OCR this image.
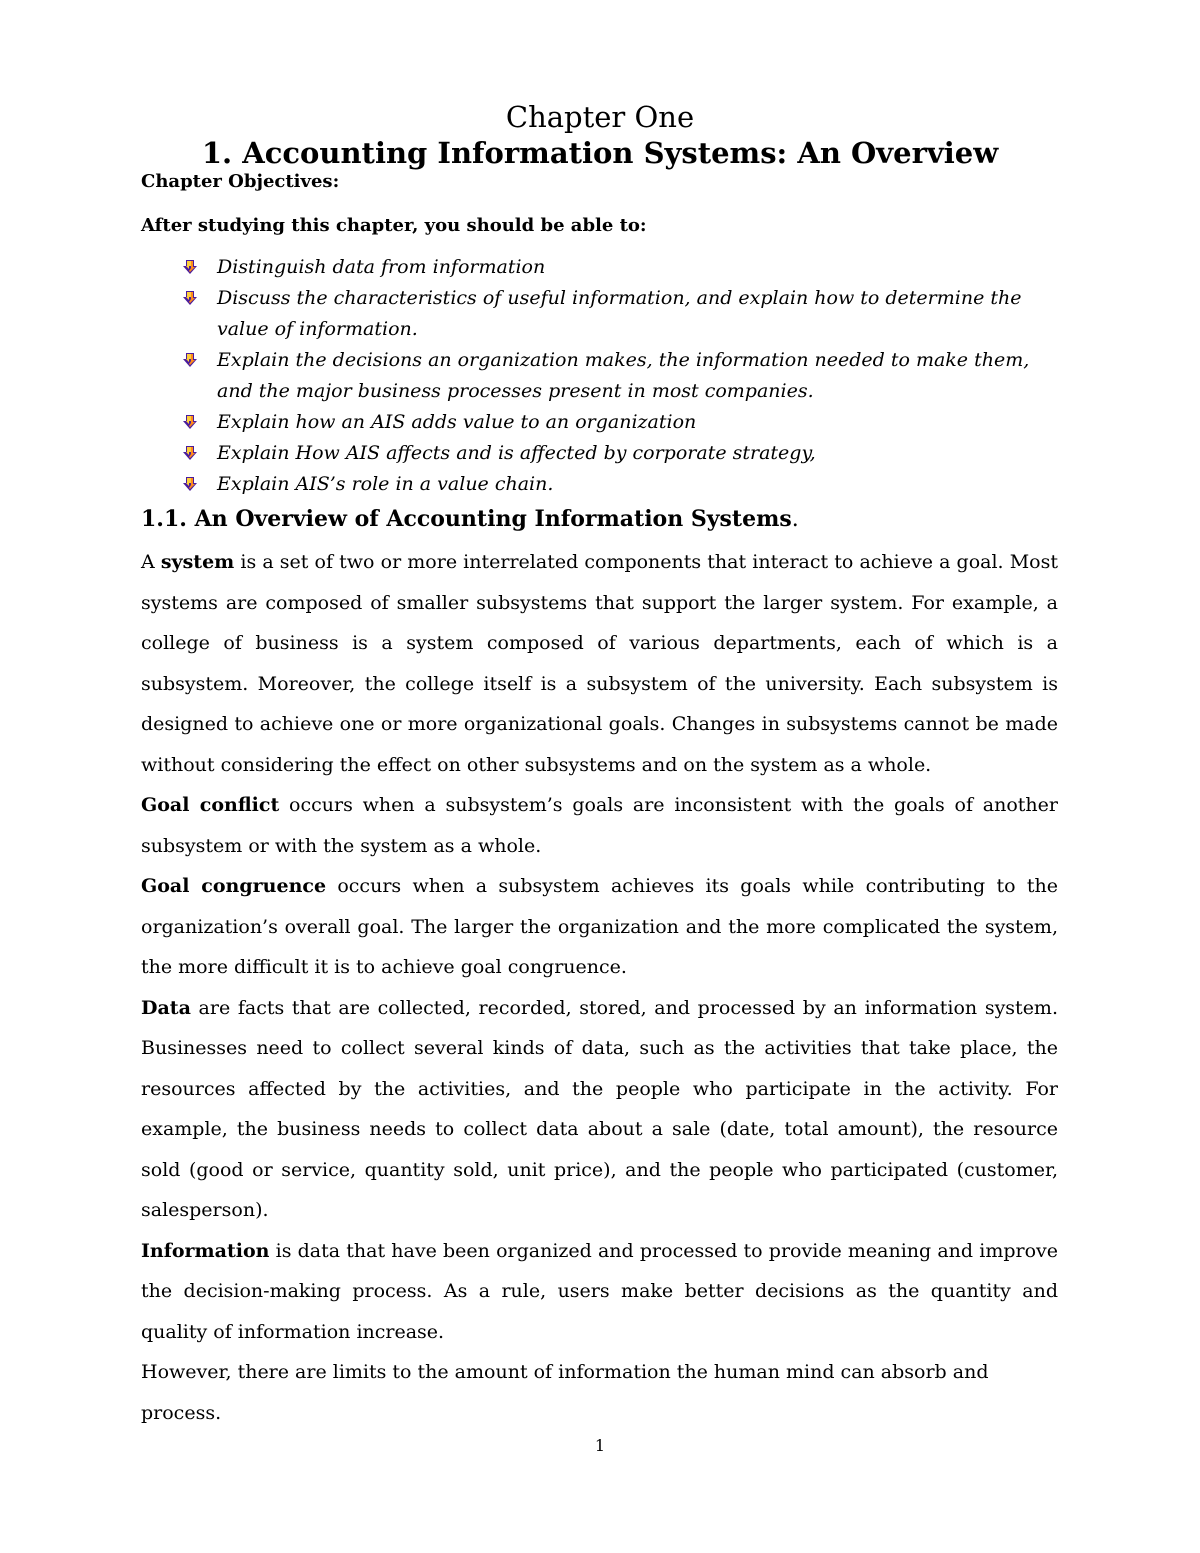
Chapter One
1. Accounting Information Systems: An Overview
Chapter Objectives:
After studying this chapter, you should be able to:
Distinguish data from information
Discuss the characteristics of useful information, and explain how to determine the value of information.
Explain the decisions an organization makes, the information needed to make them, and the major business processes present in most companies.
Explain how an AIS adds value to an organization
Explain How AIS affects and is affected by corporate strategy,
Explain AIS’s role in a value chain.
1.1. An Overview of Accounting Information Systems.

A system is a set of two or more interrelated components that interact to achieve a goal. Most systems are composed of smaller subsystems that support the larger system. For example, a college of business is a system composed of various departments, each of which is a subsystem. Moreover, the college itself is a subsystem of the university. Each subsystem is designed to achieve one or more organizational goals. Changes in subsystems cannot be made without considering the effect on other subsystems and on the system as a whole.

Goal conflict occurs when a subsystem’s goals are inconsistent with the goals of another subsystem or with the system as a whole.

Goal congruence occurs when a subsystem achieves its goals while contributing to the organization’s overall goal. The larger the organization and the more complicated the system, the more difficult it is to achieve goal congruence.

Data are facts that are collected, recorded, stored, and processed by an information system. Businesses need to collect several kinds of data, such as the activities that take place, the resources affected by the activities, and the people who participate in the activity. For example, the business needs to collect data about a sale (date, total amount), the resource sold (good or service, quantity sold, unit price), and the people who participated (customer, salesperson).

Information is data that have been organized and processed to provide meaning and improve the decision-making process. As a rule, users make better decisions as the quantity and quality of information increase.

However, there are limits to the amount of information the human mind can absorb and process.

1
